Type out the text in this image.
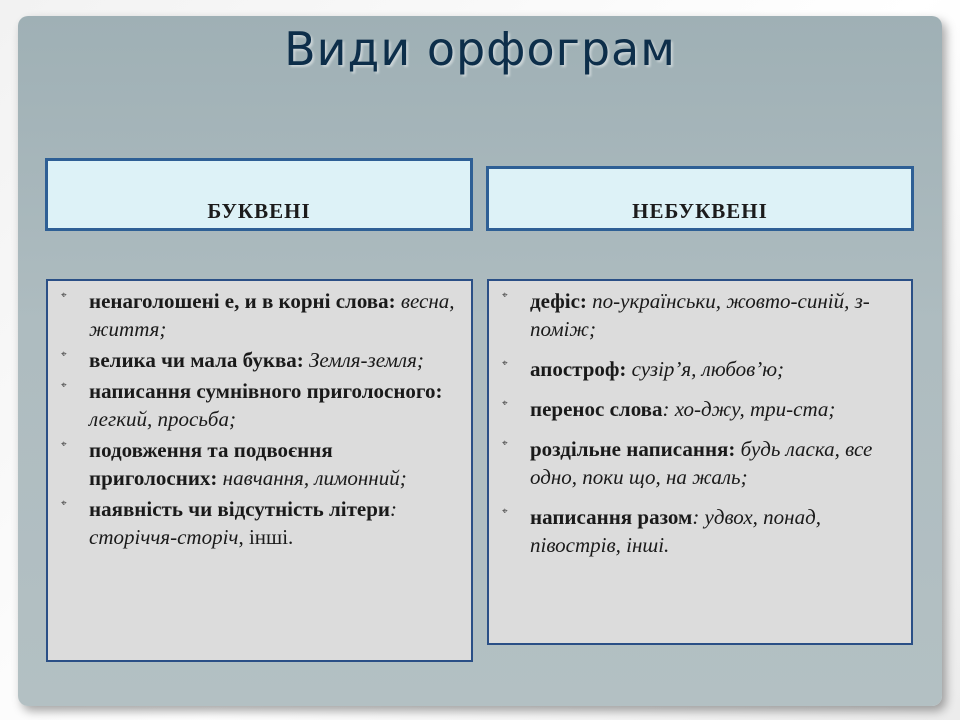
Види орфограм
БУКВЕНІ	НЕБУКВЕНІ
⌖ ненаголошені е, и в корні слова: весна, життя;
⌖ велика чи мала буква: Земля-земля;
⌖ написання сумнівного приголосного: легкий, просьба;
⌖ подовження та подвоєння приголосних: навчання, лимонний;
⌖ наявність чи відсутність літери: сторіччя-сторіч, інші.
⌖ дефіс: по-українськи, жовто-синій, з-поміж;
⌖ апостроф: сузір’я, любов’ю;
⌖ перенос слова: хо-джу, три-ста;
⌖ роздільне написання: будь ласка, все одно, поки що, на жаль;
⌖ написання разом: удвох, понад, півострів, інші.
